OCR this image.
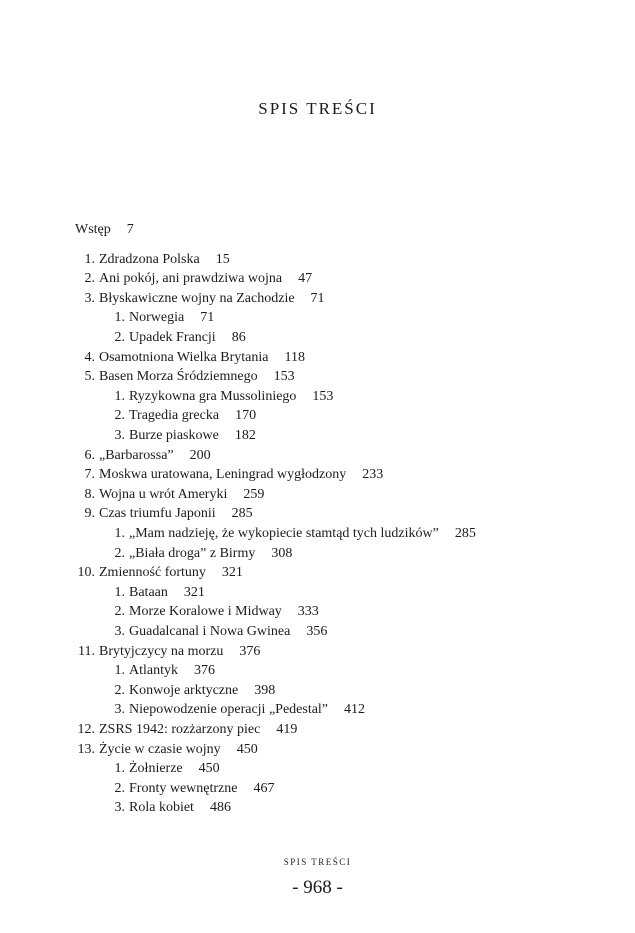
SPIS TREŚCI
Wstęp 7
1. Zdradzona Polska 15
2. Ani pokój, ani prawdziwa wojna 47
3. Błyskawiczne wojny na Zachodzie 71
1. Norwegia 71
2. Upadek Francji 86
4. Osamotniona Wielka Brytania 118
5. Basen Morza Śródziemnego 153
1. Ryzykowna gra Mussoliniego 153
2. Tragedia grecka 170
3. Burze piaskowe 182
6. „Barbarossa” 200
7. Moskwa uratowana, Leningrad wygłodzony 233
8. Wojna u wrót Ameryki 259
9. Czas triumfu Japonii 285
1. „Mam nadzieję, że wykopiecie stamtąd tych ludzików” 285
2. „Biała droga” z Birmy 308
10. Zmienność fortuny 321
1. Bataan 321
2. Morze Koralowe i Midway 333
3. Guadalcanal i Nowa Gwinea 356
11. Brytyjczycy na morzu 376
1. Atlantyk 376
2. Konwoje arktyczne 398
3. Niepowodzenie operacji „Pedestal” 412
12. ZSRS 1942: rozżarzony piec 419
13. Życie w czasie wojny 450
1. Żołnierze 450
2. Fronty wewnętrzne 467
3. Rola kobiet 486
SPIS TREŚCI
- 968 -
